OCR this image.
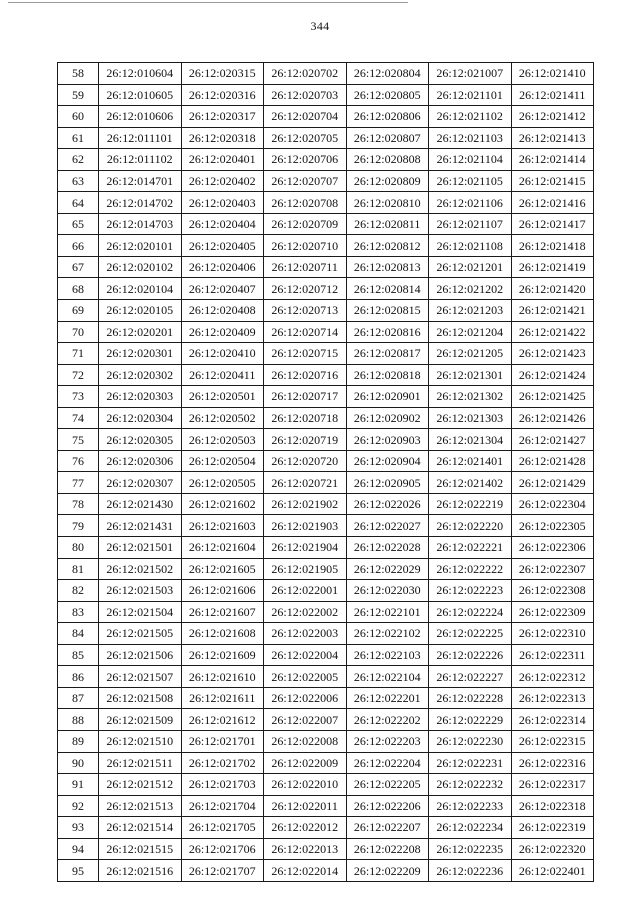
344
58	26:12:010604	26:12:020315	26:12:020702	26:12:020804	26:12:021007	26:12:021410
59	26:12:010605	26:12:020316	26:12:020703	26:12:020805	26:12:021101	26:12:021411
60	26:12:010606	26:12:020317	26:12:020704	26:12:020806	26:12:021102	26:12:021412
61	26:12:011101	26:12:020318	26:12:020705	26:12:020807	26:12:021103	26:12:021413
62	26:12:011102	26:12:020401	26:12:020706	26:12:020808	26:12:021104	26:12:021414
63	26:12:014701	26:12:020402	26:12:020707	26:12:020809	26:12:021105	26:12:021415
64	26:12:014702	26:12:020403	26:12:020708	26:12:020810	26:12:021106	26:12:021416
65	26:12:014703	26:12:020404	26:12:020709	26:12:020811	26:12:021107	26:12:021417
66	26:12:020101	26:12:020405	26:12:020710	26:12:020812	26:12:021108	26:12:021418
67	26:12:020102	26:12:020406	26:12:020711	26:12:020813	26:12:021201	26:12:021419
68	26:12:020104	26:12:020407	26:12:020712	26:12:020814	26:12:021202	26:12:021420
69	26:12:020105	26:12:020408	26:12:020713	26:12:020815	26:12:021203	26:12:021421
70	26:12:020201	26:12:020409	26:12:020714	26:12:020816	26:12:021204	26:12:021422
71	26:12:020301	26:12:020410	26:12:020715	26:12:020817	26:12:021205	26:12:021423
72	26:12:020302	26:12:020411	26:12:020716	26:12:020818	26:12:021301	26:12:021424
73	26:12:020303	26:12:020501	26:12:020717	26:12:020901	26:12:021302	26:12:021425
74	26:12:020304	26:12:020502	26:12:020718	26:12:020902	26:12:021303	26:12:021426
75	26:12:020305	26:12:020503	26:12:020719	26:12:020903	26:12:021304	26:12:021427
76	26:12:020306	26:12:020504	26:12:020720	26:12:020904	26:12:021401	26:12:021428
77	26:12:020307	26:12:020505	26:12:020721	26:12:020905	26:12:021402	26:12:021429
78	26:12:021430	26:12:021602	26:12:021902	26:12:022026	26:12:022219	26:12:022304
79	26:12:021431	26:12:021603	26:12:021903	26:12:022027	26:12:022220	26:12:022305
80	26:12:021501	26:12:021604	26:12:021904	26:12:022028	26:12:022221	26:12:022306
81	26:12:021502	26:12:021605	26:12:021905	26:12:022029	26:12:022222	26:12:022307
82	26:12:021503	26:12:021606	26:12:022001	26:12:022030	26:12:022223	26:12:022308
83	26:12:021504	26:12:021607	26:12:022002	26:12:022101	26:12:022224	26:12:022309
84	26:12:021505	26:12:021608	26:12:022003	26:12:022102	26:12:022225	26:12:022310
85	26:12:021506	26:12:021609	26:12:022004	26:12:022103	26:12:022226	26:12:022311
86	26:12:021507	26:12:021610	26:12:022005	26:12:022104	26:12:022227	26:12:022312
87	26:12:021508	26:12:021611	26:12:022006	26:12:022201	26:12:022228	26:12:022313
88	26:12:021509	26:12:021612	26:12:022007	26:12:022202	26:12:022229	26:12:022314
89	26:12:021510	26:12:021701	26:12:022008	26:12:022203	26:12:022230	26:12:022315
90	26:12:021511	26:12:021702	26:12:022009	26:12:022204	26:12:022231	26:12:022316
91	26:12:021512	26:12:021703	26:12:022010	26:12:022205	26:12:022232	26:12:022317
92	26:12:021513	26:12:021704	26:12:022011	26:12:022206	26:12:022233	26:12:022318
93	26:12:021514	26:12:021705	26:12:022012	26:12:022207	26:12:022234	26:12:022319
94	26:12:021515	26:12:021706	26:12:022013	26:12:022208	26:12:022235	26:12:022320
95	26:12:021516	26:12:021707	26:12:022014	26:12:022209	26:12:022236	26:12:022401
